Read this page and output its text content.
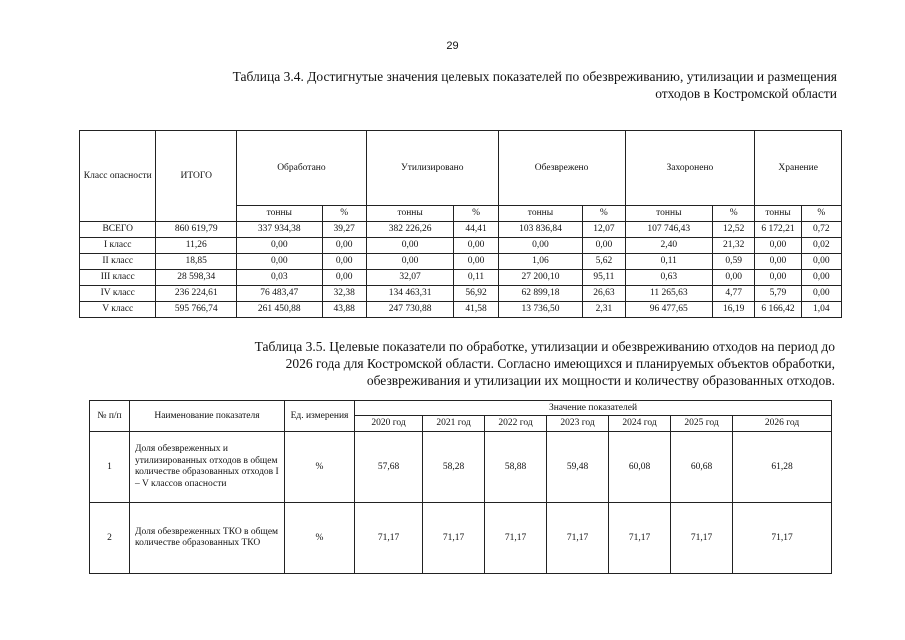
29
Таблица 3.4. Достигнутые значения целевых показателей по обезвреживанию, утилизации и размещения
отходов в Костромской области
Класс опасности	ИТОГО	Обработано		Утилизировано		Обезврежено		Захоронено		Хранение	
		тонны	%	тонны	%	тонны	%	тонны	%	тонны	%
ВСЕГО	860 619,79	337 934,38	39,27	382 226,26	44,41	103 836,84	12,07	107 746,43	12,52	6 172,21	0,72
I класс	11,26	0,00	0,00	0,00	0,00	0,00	0,00	2,40	21,32	0,00	0,02
II класс	18,85	0,00	0,00	0,00	0,00	1,06	5,62	0,11	0,59	0,00	0,00
III класс	28 598,34	0,03	0,00	32,07	0,11	27 200,10	95,11	0,63	0,00	0,00	0,00
IV класс	236 224,61	76 483,47	32,38	134 463,31	56,92	62 899,18	26,63	11 265,63	4,77	5,79	0,00
V класс	595 766,74	261 450,88	43,88	247 730,88	41,58	13 736,50	2,31	96 477,65	16,19	6 166,42	1,04
Таблица 3.5. Целевые показатели по обработке, утилизации и обезвреживанию отходов на период до
2026 года для Костромской области. Согласно имеющихся и планируемых объектов обработки,
обезвреживания и утилизации их мощности и количеству образованных отходов.
№ п/п	Наименование показателя	Ед. измерения	Значение показателей						
			2020 год	2021 год	2022 год	2023 год	2024 год	2025 год	2026 год
1	Доля обезвреженных и утилизированных отходов в общем количестве образованных отходов I – V классов опасности	%	57,68	58,28	58,88	59,48	60,08	60,68	61,28
2	Доля обезвреженных ТКО в общем количестве образованных ТКО	%	71,17	71,17	71,17	71,17	71,17	71,17	71,17
